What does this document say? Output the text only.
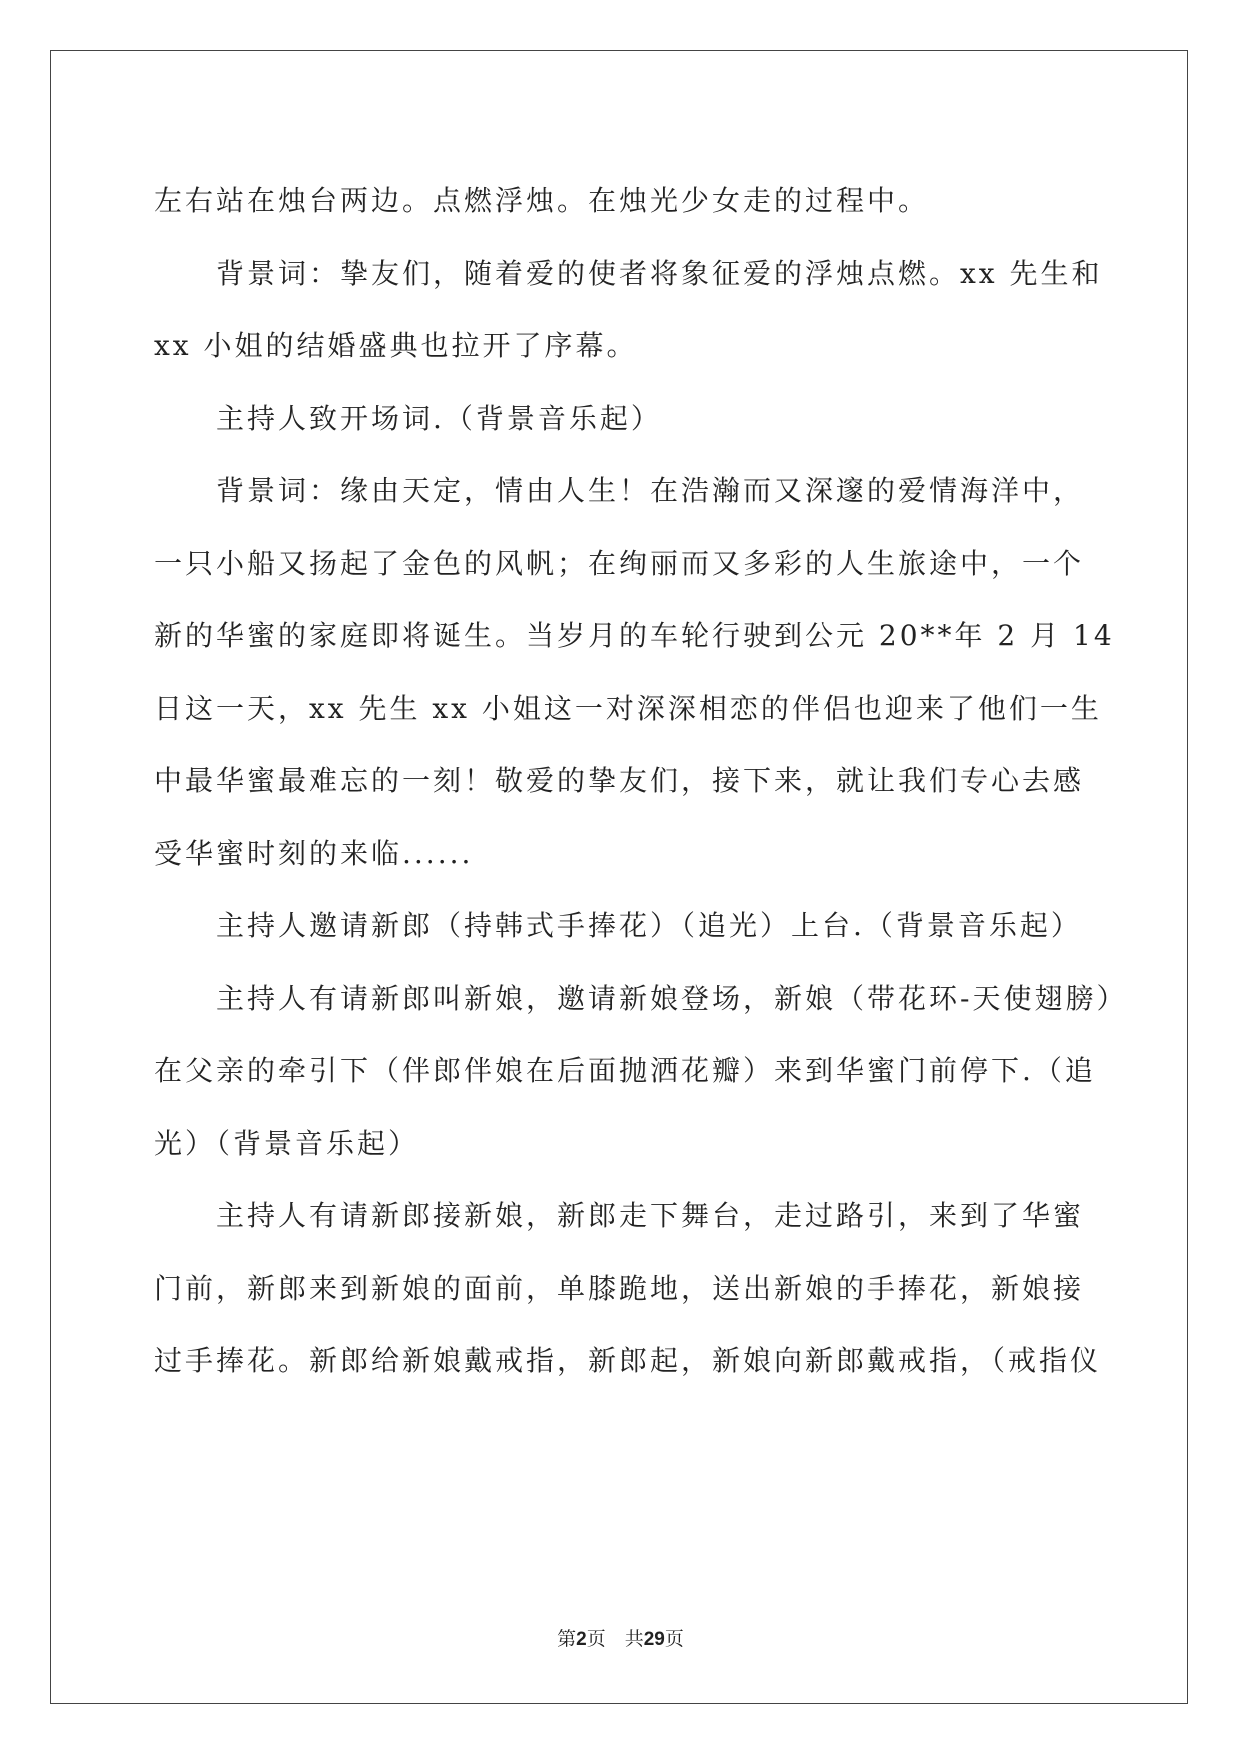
左右站在烛台两边。点燃浮烛。在烛光少女走的过程中。
背景词：挚友们，随着爱的使者将象征爱的浮烛点燃。xx 先生和
xx 小姐的结婚盛典也拉开了序幕。
主持人致开场词.（背景音乐起）
背景词：缘由天定，情由人生！在浩瀚而又深邃的爱情海洋中，
一只小船又扬起了金色的风帆；在绚丽而又多彩的人生旅途中，一个
新的华蜜的家庭即将诞生。当岁月的车轮行驶到公元 20**年 2 月 14
日这一天，xx 先生 xx 小姐这一对深深相恋的伴侣也迎来了他们一生
中最华蜜最难忘的一刻！敬爱的挚友们，接下来，就让我们专心去感
受华蜜时刻的来临......
主持人邀请新郎（持韩式手捧花）（追光）上台.（背景音乐起）
主持人有请新郎叫新娘，邀请新娘登场，新娘（带花环-天使翅膀）
在父亲的牵引下（伴郎伴娘在后面抛洒花瓣）来到华蜜门前停下.（追
光）（背景音乐起）
主持人有请新郎接新娘，新郎走下舞台，走过路引，来到了华蜜
门前，新郎来到新娘的面前，单膝跪地，送出新娘的手捧花，新娘接
过手捧花。新郎给新娘戴戒指，新郎起，新娘向新郎戴戒指，（戒指仪
第2页　共29页
